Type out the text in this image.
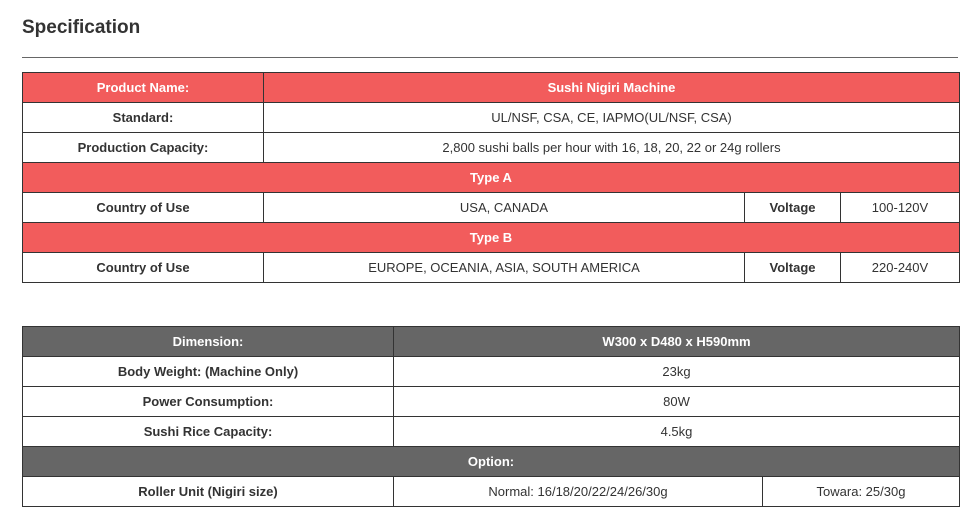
Specification
Product Name:	Sushi Nigiri Machine		
Standard:	UL/NSF, CSA, CE, IAPMO(UL/NSF, CSA)		
Production Capacity:	2,800 sushi balls per hour with 16, 18, 20, 22 or 24g rollers		
Type A			
Country of Use	USA, CANADA	Voltage	100-120V
Type B			
Country of Use	EUROPE, OCEANIA, ASIA, SOUTH AMERICA	Voltage	220-240V
Dimension:	W300 x D480 x H590mm	
Body Weight: (Machine Only)	23kg	
Power Consumption:	80W	
Sushi Rice Capacity:	4.5kg	
Option:		
Roller Unit (Nigiri size)	Normal: 16/18/20/22/24/26/30g	Towara: 25/30g
